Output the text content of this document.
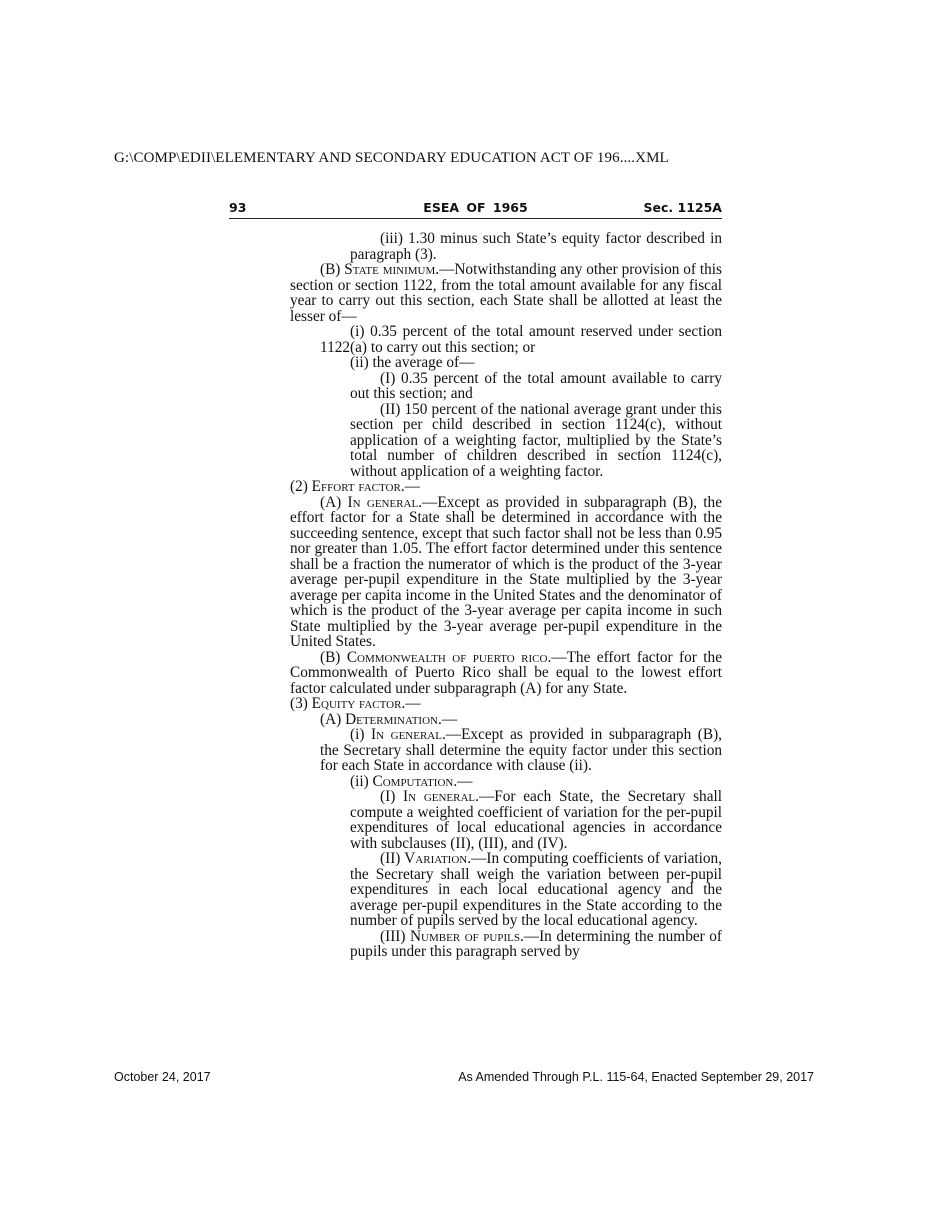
G:\COMP\EDII\ELEMENTARY AND SECONDARY EDUCATION ACT OF 196....XML
93	ESEA OF 1965	Sec. 1125A

(iii) 1.30 minus such State’s equity factor described in paragraph (3).

(B) State minimum.—Notwithstanding any other provision of this section or section 1122, from the total amount available for any fiscal year to carry out this section, each State shall be allotted at least the lesser of—

(i) 0.35 percent of the total amount reserved under section 1122(a) to carry out this section; or

(ii) the average of—

(I) 0.35 percent of the total amount available to carry out this section; and

(II) 150 percent of the national average grant under this section per child described in section 1124(c), without application of a weighting factor, multiplied by the State’s total number of children described in section 1124(c), without application of a weighting factor.

(2) Effort factor.—

(A) In general.—Except as provided in subparagraph (B), the effort factor for a State shall be determined in accordance with the succeeding sentence, except that such factor shall not be less than 0.95 nor greater than 1.05. The effort factor determined under this sentence shall be a fraction the numerator of which is the product of the 3-year average per-pupil expenditure in the State multiplied by the 3-year average per capita income in the United States and the denominator of which is the product of the 3-year average per capita income in such State multiplied by the 3-year average per-pupil expenditure in the United States.

(B) Commonwealth of puerto rico.—The effort factor for the Commonwealth of Puerto Rico shall be equal to the lowest effort factor calculated under subparagraph (A) for any State.

(3) Equity factor.—

(A) Determination.—

(i) In general.—Except as provided in subparagraph (B), the Secretary shall determine the equity factor under this section for each State in accordance with clause (ii).

(ii) Computation.—

(I) In general.—For each State, the Secretary shall compute a weighted coefficient of variation for the per-pupil expenditures of local educational agencies in accordance with subclauses (II), (III), and (IV).

(II) Variation.—In computing coefficients of variation, the Secretary shall weigh the variation between per-pupil expenditures in each local educational agency and the average per-pupil expenditures in the State according to the number of pupils served by the local educational agency.

(III) Number of pupils.—In determining the number of pupils under this paragraph served by

October 24, 2017	As Amended Through P.L. 115-64, Enacted September 29, 2017
